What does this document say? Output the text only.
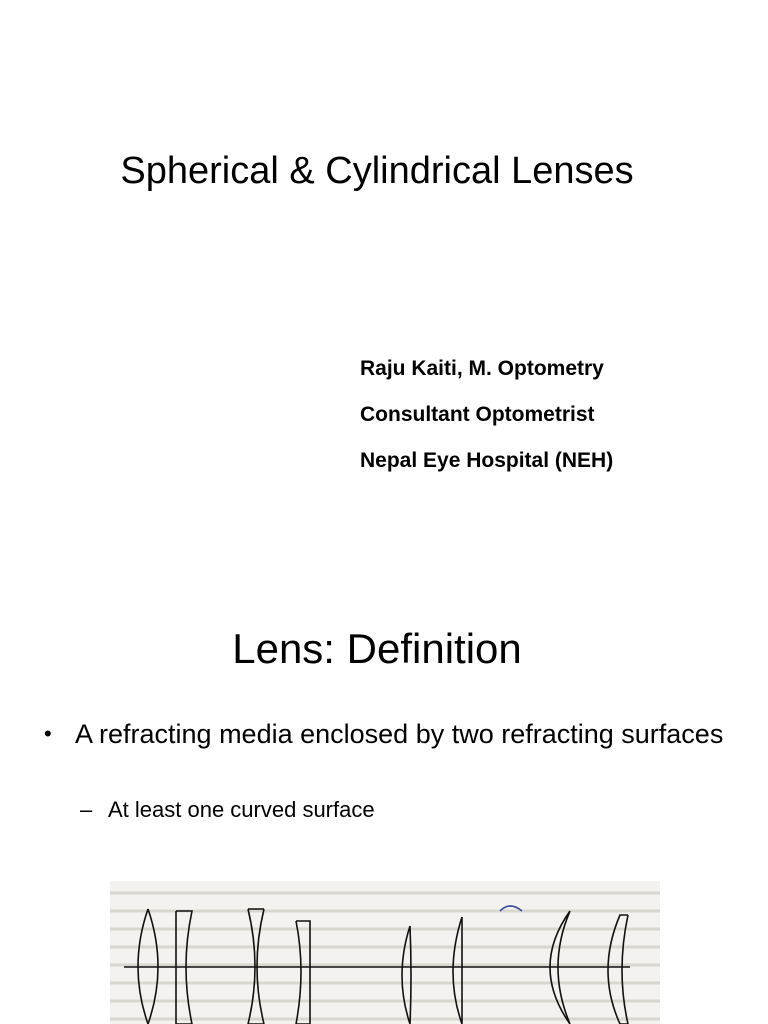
Spherical & Cylindrical Lenses
Raju Kaiti, M. Optometry
Consultant Optometrist
Nepal Eye Hospital (NEH)
Lens: Definition
• A refracting media enclosed by two refracting surfaces
– At least one curved surface
